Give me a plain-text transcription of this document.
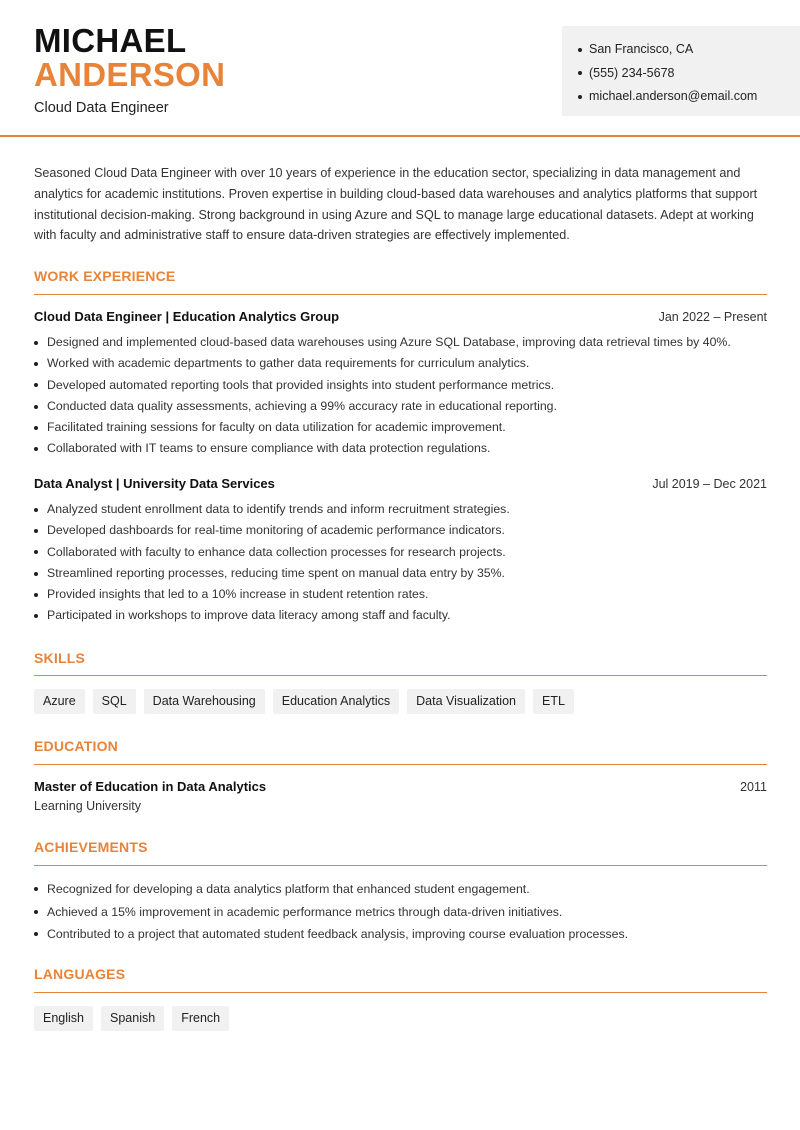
MICHAEL
ANDERSON
Cloud Data Engineer
San Francisco, CA
(555) 234-5678
michael.anderson@email.com

Seasoned Cloud Data Engineer with over 10 years of experience in the education sector, specializing in data management and analytics for academic institutions. Proven expertise in building cloud-based data warehouses and analytics platforms that support institutional decision-making. Strong background in using Azure and SQL to manage large educational datasets. Adept at working with faculty and administrative staff to ensure data-driven strategies are effectively implemented.

WORK EXPERIENCE
Cloud Data Engineer | Education Analytics Group	Jan 2022 – Present
Designed and implemented cloud-based data warehouses using Azure SQL Database, improving data retrieval times by 40%.
Worked with academic departments to gather data requirements for curriculum analytics.
Developed automated reporting tools that provided insights into student performance metrics.
Conducted data quality assessments, achieving a 99% accuracy rate in educational reporting.
Facilitated training sessions for faculty on data utilization for academic improvement.
Collaborated with IT teams to ensure compliance with data protection regulations.
Data Analyst | University Data Services	Jul 2019 – Dec 2021
Analyzed student enrollment data to identify trends and inform recruitment strategies.
Developed dashboards for real-time monitoring of academic performance indicators.
Collaborated with faculty to enhance data collection processes for research projects.
Streamlined reporting processes, reducing time spent on manual data entry by 35%.
Provided insights that led to a 10% increase in student retention rates.
Participated in workshops to improve data literacy among staff and faculty.
SKILLS
Azure	SQL	Data Warehousing	Education Analytics	Data Visualization	ETL
EDUCATION
Master of Education in Data Analytics	2011
Learning University
ACHIEVEMENTS
Recognized for developing a data analytics platform that enhanced student engagement.
Achieved a 15% improvement in academic performance metrics through data-driven initiatives.
Contributed to a project that automated student feedback analysis, improving course evaluation processes.
LANGUAGES
English	Spanish	French
